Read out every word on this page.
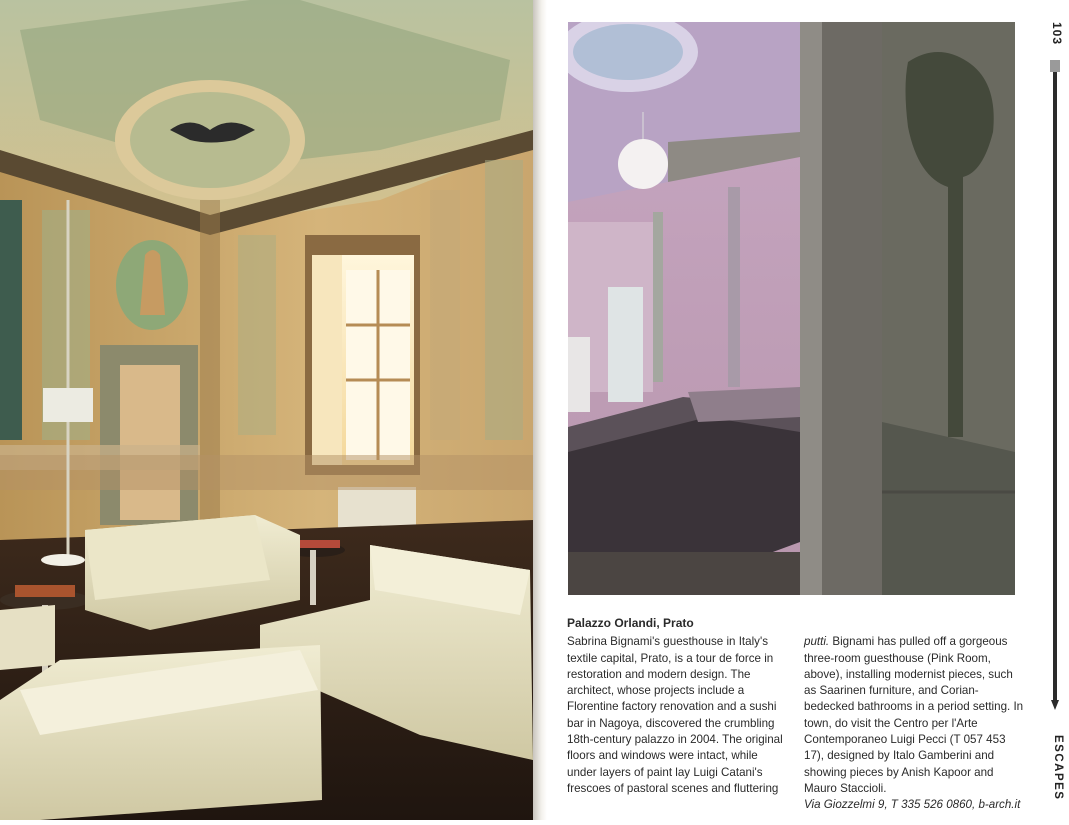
Palazzo Orlandi, Prato

Sabrina Bignami's guesthouse in Italy's textile capital, Prato, is a tour de force in restoration and modern design. The architect, whose projects include a Florentine factory renovation and a sushi bar in Nagoya, discovered the crumbling 18th-century palazzo in 2004. The original floors and windows were intact, while under layers of paint lay Luigi Catani's frescoes of pastoral scenes and fluttering

putti. Bignami has pulled off a gorgeous three-room guesthouse (Pink Room, above), installing modernist pieces, such as Saarinen furniture, and Corian-bedecked bathrooms in a period setting. In town, do visit the Centro per l'Arte Contemporaneo Luigi Pecci (T 057 453 17), designed by Italo Gamberini and showing pieces by Anish Kapoor and Mauro Staccioli.

Via Giozzelmi 9, T 335 526 0860, b-arch.it

103
ESCAPES
